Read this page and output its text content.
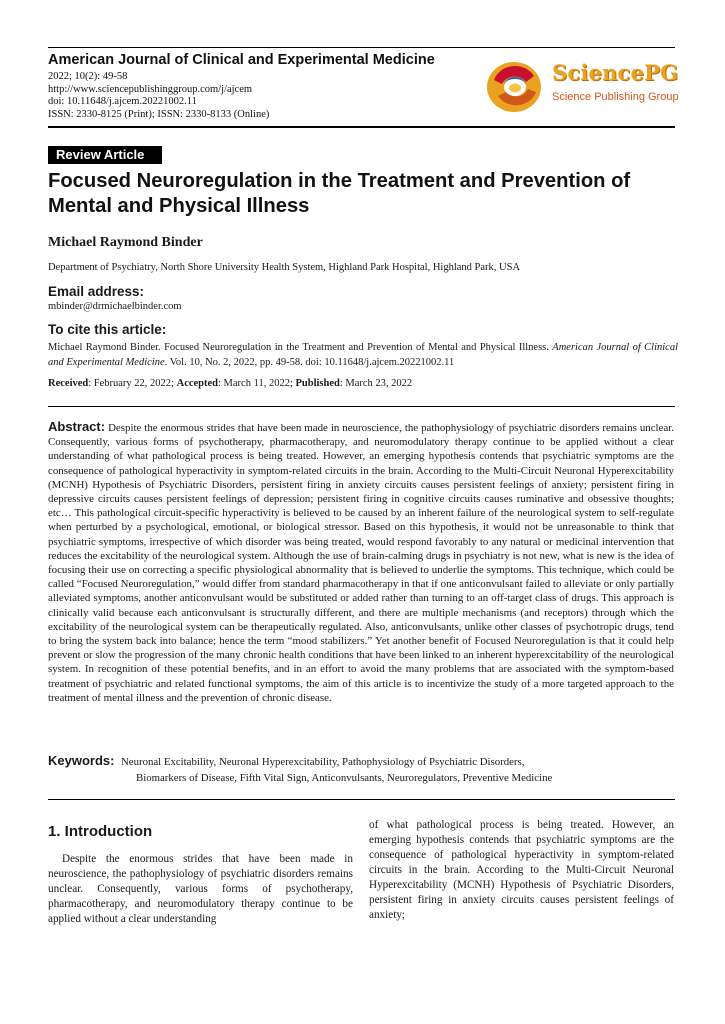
American Journal of Clinical and Experimental Medicine
2022; 10(2): 49-58
http://www.sciencepublishinggroup.com/j/ajcem
doi: 10.11648/j.ajcem.20221002.11
ISSN: 2330-8125 (Print); ISSN: 2330-8133 (Online)
SciencePG
Science Publishing Group
Review Article
Focused Neuroregulation in the Treatment and Prevention of Mental and Physical Illness
Michael Raymond Binder
Department of Psychiatry, North Shore University Health System, Highland Park Hospital, Highland Park, USA
Email address:
mbinder@drmichaelbinder.com
To cite this article:
Michael Raymond Binder. Focused Neuroregulation in the Treatment and Prevention of Mental and Physical Illness. American Journal of Clinical and Experimental Medicine. Vol. 10, No. 2, 2022, pp. 49-58. doi: 10.11648/j.ajcem.20221002.11
Received: February 22, 2022; Accepted: March 11, 2022; Published: March 23, 2022
Abstract: Despite the enormous strides that have been made in neuroscience, the pathophysiology of psychiatric disorders remains unclear. Consequently, various forms of psychotherapy, pharmacotherapy, and neuromodulatory therapy continue to be applied without a clear understanding of what pathological process is being treated. However, an emerging hypothesis contends that psychiatric symptoms are the consequence of pathological hyperactivity in symptom-related circuits in the brain. According to the Multi-Circuit Neuronal Hyperexcitability (MCNH) Hypothesis of Psychiatric Disorders, persistent firing in anxiety circuits causes persistent feelings of anxiety; persistent firing in depressive circuits causes persistent feelings of depression; persistent firing in cognitive circuits causes ruminative and obsessive thoughts; etc… This pathological circuit-specific hyperactivity is believed to be caused by an inherent failure of the neurological system to self-regulate when perturbed by a psychological, emotional, or biological stressor. Based on this hypothesis, it would not be unreasonable to think that psychiatric symptoms, irrespective of which disorder was being treated, would respond favorably to any natural or medicinal intervention that reduces the excitability of the neurological system. Although the use of brain-calming drugs in psychiatry is not new, what is new is the idea of focusing their use on correcting a specific physiological abnormality that is believed to underlie the symptoms. This technique, which could be called “Focused Neuroregulation,” would differ from standard pharmacotherapy in that if one anticonvulsant failed to alleviate or only partially alleviated symptoms, another anticonvulsant would be substituted or added rather than turning to an off-target class of drugs. This approach is clinically valid because each anticonvulsant is structurally different, and there are multiple mechanisms (and receptors) through which the excitability of the neurological system can be therapeutically regulated. Also, anticonvulsants, unlike other classes of psychotropic drugs, tend to bring the system back into balance; hence the term “mood stabilizers.” Yet another benefit of Focused Neuroregulation is that it could help prevent or slow the progression of the many chronic health conditions that have been linked to an inherent hyperexcitability of the neurological system. In recognition of these potential benefits, and in an effort to avoid the many problems that are associated with the symptom-based treatment of psychiatric and related functional symptoms, the aim of this article is to incentivize the study of a more targeted approach to the treatment of mental illness and the prevention of chronic disease.
Keywords: Neuronal Excitability, Neuronal Hyperexcitability, Pathophysiology of Psychiatric Disorders,
Biomarkers of Disease, Fifth Vital Sign, Anticonvulsants, Neuroregulators, Preventive Medicine
1. Introduction
Despite the enormous strides that have been made in neuroscience, the pathophysiology of psychiatric disorders remains unclear. Consequently, various forms of psychotherapy, pharmacotherapy, and neuromodulatory therapy continue to be applied without a clear understanding
of what pathological process is being treated. However, an emerging hypothesis contends that psychiatric symptoms are the consequence of pathological hyperactivity in symptom-related circuits in the brain. According to the Multi-Circuit Neuronal Hyperexcitability (MCNH) Hypothesis of Psychiatric Disorders, persistent firing in anxiety circuits causes persistent feelings of anxiety;
